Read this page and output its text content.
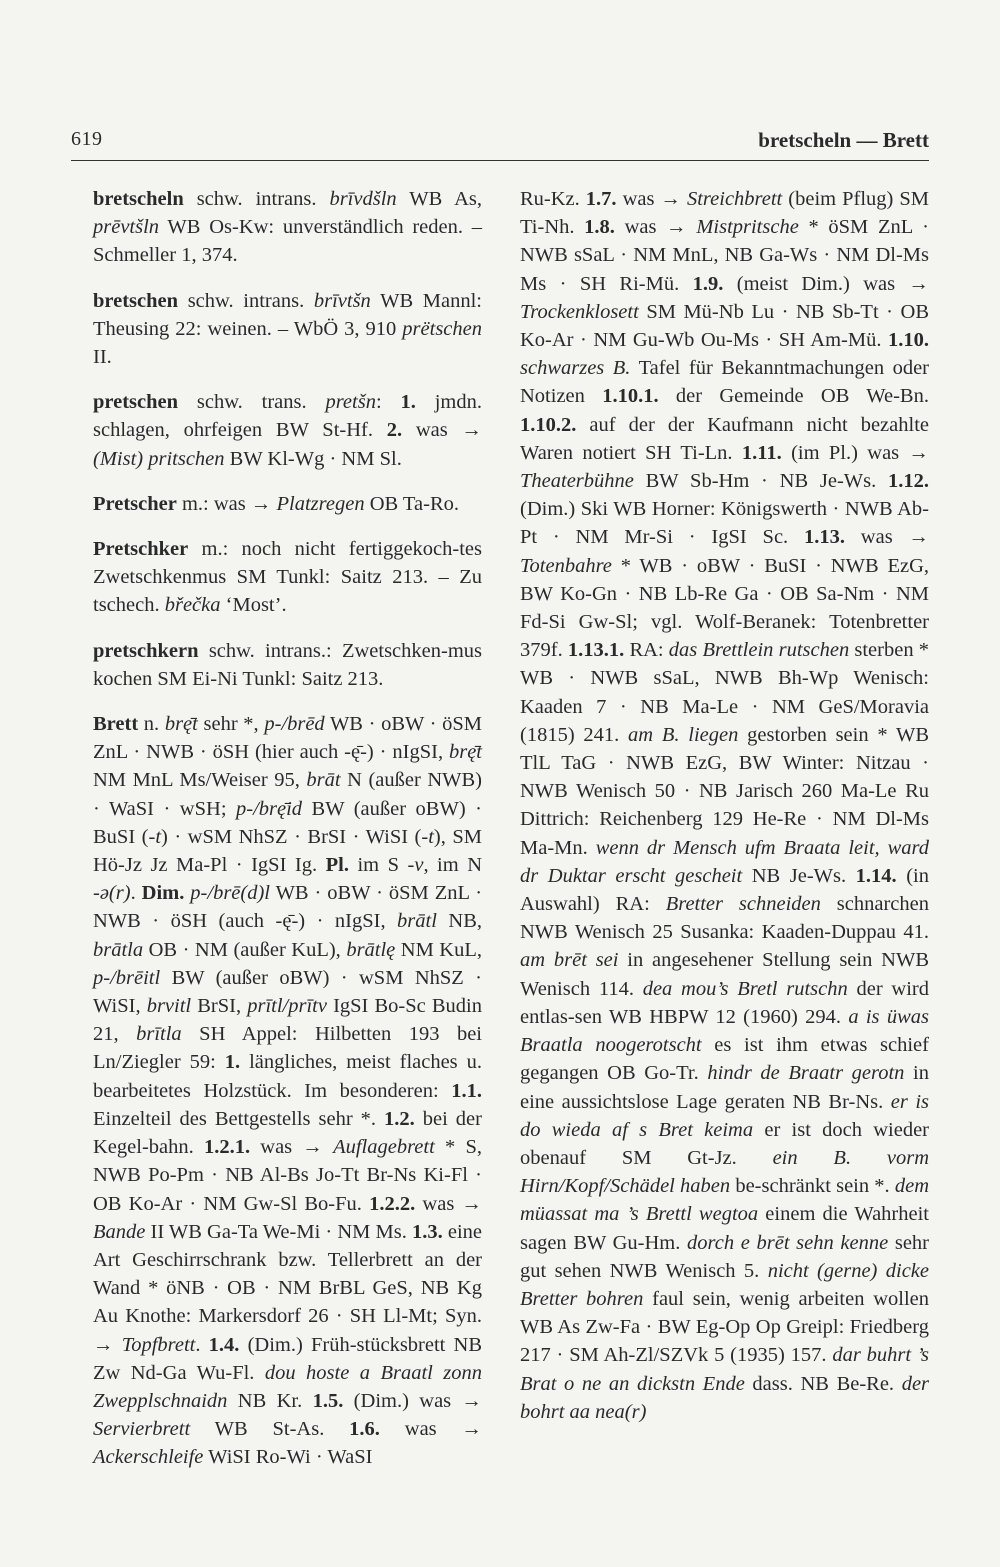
619	bretscheln — Brett

bretscheln schw. intrans. brīvdšln WB As, prēvtšln WB Os-Kw: unverständlich reden. – Schmeller 1, 374.

bretschen schw. intrans. brīvtšn WB Mannl: Theusing 22: weinen. – WbÖ 3, 910 prëtschen II.

pretschen schw. trans. pretšn: 1. jmdn. schlagen, ohrfeigen BW St-Hf. 2. was → (Mist) pritschen BW Kl-Wg · NM Sl.

Pretscher m.: was → Platzregen OB Ta-Ro.

Pretschker m.: noch nicht fertiggekoch-tes Zwetschkenmus SM Tunkl: Saitz 213. – Zu tschech. břečka ‘Most’.

pretschkern schw. intrans.: Zwetschken-mus kochen SM Ei-Ni Tunkl: Saitz 213.

Brett n. brę̄t sehr *, p-/brēd WB · oBW · öSM ZnL · NWB · öSH (hier auch -ę̄-) · nIgSI, brę̄t NM MnL Ms/Weiser 95, brāt N (außer NWB) · WaSI · wSH; p-/brę̄id BW (außer oBW) · BuSI (-t) · wSM NhSZ · BrSI · WiSI (-t), SM Hö-Jz Jz Ma-Pl · IgSI Ig. Pl. im S -v, im N -ə(r). Dim. p-/brē(d)l WB · oBW · öSM ZnL · NWB · öSH (auch -ę̄-) · nIgSI, brātl NB, brātla OB · NM (außer KuL), brātlę NM KuL, p-/brēitl BW (außer oBW) · wSM NhSZ · WiSI, brvitl BrSI, prītl/prītv IgSI Bo-Sc Budin 21, brītla SH Appel: Hilbetten 193 bei Ln/Ziegler 59: 1. längliches, meist flaches u. bearbeitetes Holzstück. Im besonderen: 1.1. Einzelteil des Bettgestells sehr *. 1.2. bei der Kegel-bahn. 1.2.1. was → Auflagebrett * S, NWB Po-Pm · NB Al-Bs Jo-Tt Br-Ns Ki-Fl · OB Ko-Ar · NM Gw-Sl Bo-Fu. 1.2.2. was → Bande II WB Ga-Ta We-Mi · NM Ms. 1.3. eine Art Geschirrschrank bzw. Tellerbrett an der Wand * öNB · OB · NM BrBL GeS, NB Kg Au Knothe: Markersdorf 26 · SH Ll-Mt; Syn. → Topfbrett. 1.4. (Dim.) Früh-stücksbrett NB Zw Nd-Ga Wu-Fl. dou hoste a Braatl zonn Zwepplschnaidn NB Kr. 1.5. (Dim.) was → Servierbrett WB St-As. 1.6. was → Ackerschleife WiSI Ro-Wi · WaSI

Ru-Kz. 1.7. was → Streichbrett (beim Pflug) SM Ti-Nh. 1.8. was → Mistpritsche * öSM ZnL · NWB sSaL · NM MnL, NB Ga-Ws · NM Dl-Ms Ms · SH Ri-Mü. 1.9. (meist Dim.) was → Trockenklosett SM Mü-Nb Lu · NB Sb-Tt · OB Ko-Ar · NM Gu-Wb Ou-Ms · SH Am-Mü. 1.10. schwarzes B. Tafel für Bekanntmachungen oder Notizen 1.10.1. der Gemeinde OB We-Bn. 1.10.2. auf der der Kaufmann nicht bezahlte Waren notiert SH Ti-Ln. 1.11. (im Pl.) was → Theaterbühne BW Sb-Hm · NB Je-Ws. 1.12. (Dim.) Ski WB Horner: Königswerth · NWB Ab-Pt · NM Mr-Si · IgSI Sc. 1.13. was → Totenbahre * WB · oBW · BuSI · NWB EzG, BW Ko-Gn · NB Lb-Re Ga · OB Sa-Nm · NM Fd-Si Gw-Sl; vgl. Wolf-Beranek: Totenbretter 379f. 1.13.1. RA: das Brettlein rutschen sterben * WB · NWB sSaL, NWB Bh-Wp Wenisch: Kaaden 7 · NB Ma-Le · NM GeS/Moravia (1815) 241. am B. liegen gestorben sein * WB TlL TaG · NWB EzG, BW Winter: Nitzau · NWB Wenisch 50 · NB Jarisch 260 Ma-Le Ru Dittrich: Reichenberg 129 He-Re · NM Dl-Ms Ma-Mn. wenn dr Mensch ufm Braata leit, ward dr Duktar erscht gescheit NB Je-Ws. 1.14. (in Auswahl) RA: Bretter schneiden schnarchen NWB Wenisch 25 Susanka: Kaaden-Duppau 41. am brēt sei in angesehener Stellung sein NWB Wenisch 114. dea mou’s Bretl rutschn der wird entlas-sen WB HBPW 12 (1960) 294. a is üwas Braatla noogerotscht es ist ihm etwas schief gegangen OB Go-Tr. hindr de Braatr gerotn in eine aussichtslose Lage geraten NB Br-Ns. er is do wieda af s Bret keima er ist doch wieder obenauf SM Gt-Jz. ein B. vorm Hirn/Kopf/Schädel haben be-schränkt sein *. dem müassat ma ’s Brettl wegtoa einem die Wahrheit sagen BW Gu-Hm. dorch e brēt sehn kenne sehr gut sehen NWB Wenisch 5. nicht (gerne) dicke Bretter bohren faul sein, wenig arbeiten wollen WB As Zw-Fa · BW Eg-Op Op Greipl: Friedberg 217 · SM Ah-Zl/SZVk 5 (1935) 157. dar buhrt ’s Brat o ne an dickstn Ende dass. NB Be-Re. der bohrt aa nea(r)
